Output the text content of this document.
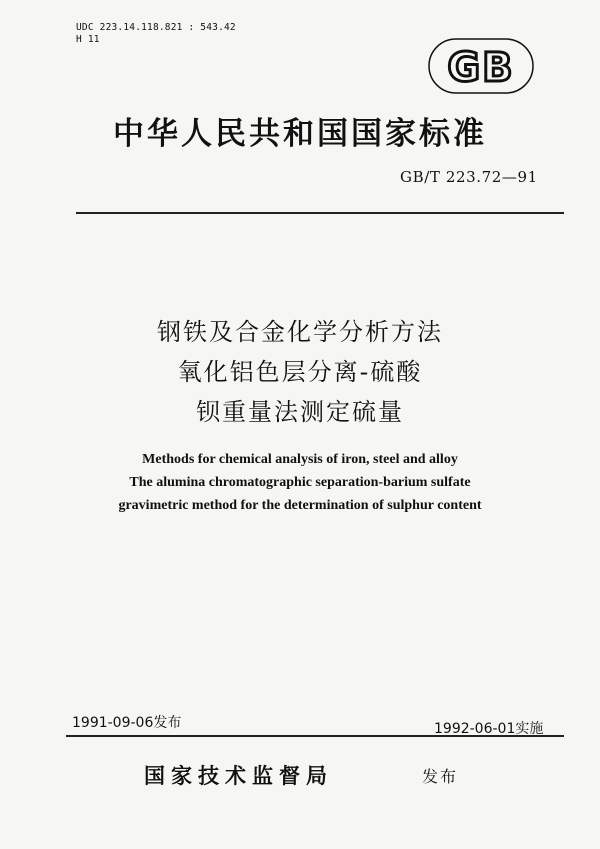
UDC 223.14.118.821 : 543.42
H 11
GB
中华人民共和国国家标准
GB/T 223.72—91
钢铁及合金化学分析方法
氧化铝色层分离-硫酸
钡重量法测定硫量
Methods for chemical analysis of iron, steel and alloy
The alumina chromatographic separation-barium sulfate
gravimetric method for the determination of sulphur content
1991-09-06发布	1992-06-01实施
国家技术监督局	发布
